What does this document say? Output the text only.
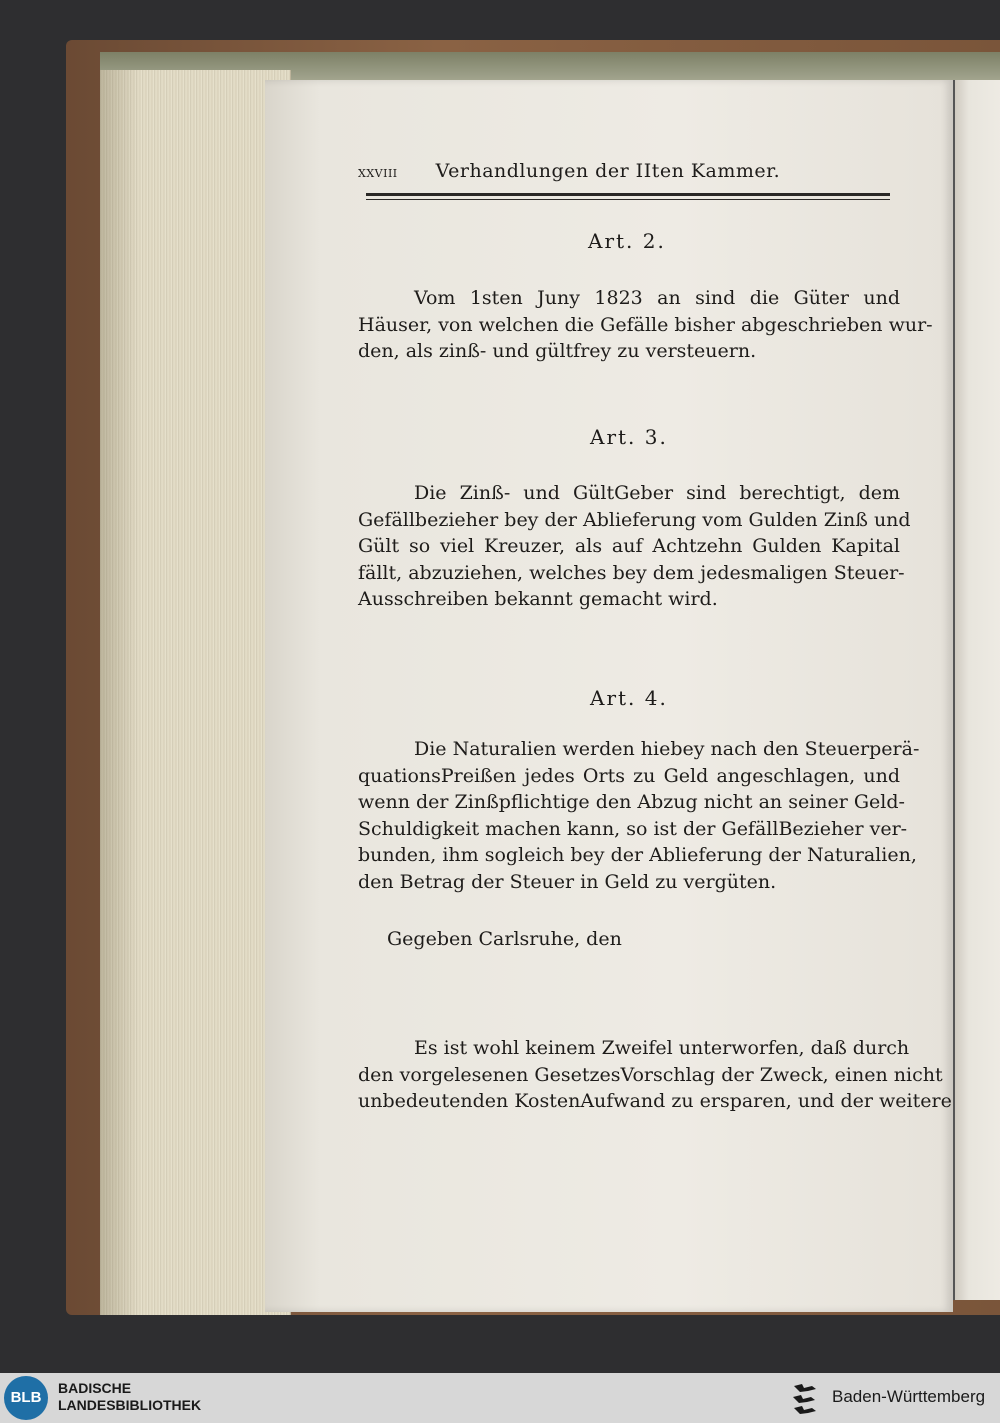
xxviii Verhandlungen der IIten Kammer.
Art. 2.
Vom 1sten Juny 1823 an sind die Güter und
Häuser, von welchen die Gefälle bisher abgeschrieben wur-
den, als zinß- und gültfrey zu versteuern.
Art. 3.
Die Zinß- und GültGeber sind berechtigt, dem
Gefällbezieher bey der Ablieferung vom Gulden Zinß und
Gült so viel Kreuzer, als auf Achtzehn Gulden Kapital
fällt, abzuziehen, welches bey dem jedesmaligen Steuer-
Ausschreiben bekannt gemacht wird.
Art. 4.
Die Naturalien werden hiebey nach den Steuerperä-
quationsPreißen jedes Orts zu Geld angeschlagen, und
wenn der Zinßpflichtige den Abzug nicht an seiner Geld-
Schuldigkeit machen kann, so ist der GefällBezieher ver-
bunden, ihm sogleich bey der Ablieferung der Naturalien,
den Betrag der Steuer in Geld zu vergüten.
Gegeben Carlsruhe, den
Es ist wohl keinem Zweifel unterworfen, daß durch
den vorgelesenen GesetzesVorschlag der Zweck, einen nicht
unbedeutenden KostenAufwand zu ersparen, und der weitere
BLB
BADISCHE
LANDESBIBLIOTHEK	Baden-Württemberg
